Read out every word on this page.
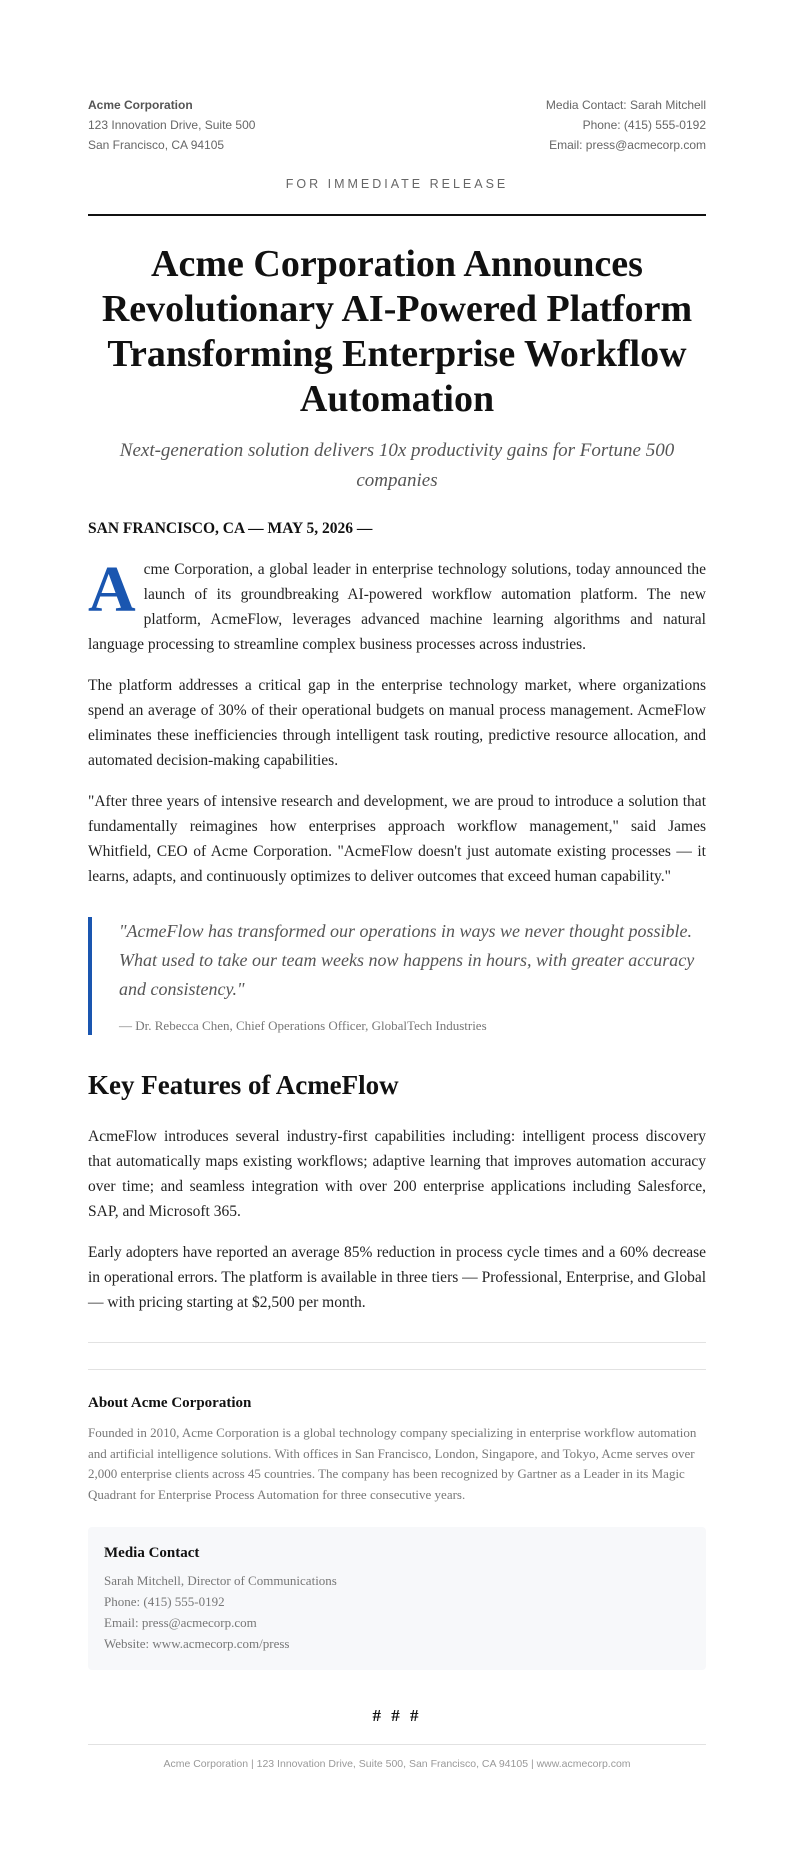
Acme Corporation
123 Innovation Drive, Suite 500
San Francisco, CA 94105
Media Contact: Sarah Mitchell
Phone: (415) 555-0192
Email: press@acmecorp.com
FOR IMMEDIATE RELEASE
Acme Corporation Announces Revolutionary AI-Powered Platform Transforming Enterprise Workflow Automation
Next-generation solution delivers 10x productivity gains for Fortune 500 companies
SAN FRANCISCO, CA — MAY 5, 2026 —

Acme Corporation, a global leader in enterprise technology solutions, today announced the launch of its groundbreaking AI-powered workflow automation platform. The new platform, AcmeFlow, leverages advanced machine learning algorithms and natural language processing to streamline complex business processes across industries.

The platform addresses a critical gap in the enterprise technology market, where organizations spend an average of 30% of their operational budgets on manual process management. AcmeFlow eliminates these inefficiencies through intelligent task routing, predictive resource allocation, and automated decision-making capabilities.

"After three years of intensive research and development, we are proud to introduce a solution that fundamentally reimagines how enterprises approach workflow management," said James Whitfield, CEO of Acme Corporation. "AcmeFlow doesn't just automate existing processes — it learns, adapts, and continuously optimizes to deliver outcomes that exceed human capability."

"AcmeFlow has transformed our operations in ways we never thought possible. What used to take our team weeks now happens in hours, with greater accuracy and consistency."
— Dr. Rebecca Chen, Chief Operations Officer, GlobalTech Industries
Key Features of AcmeFlow

AcmeFlow introduces several industry-first capabilities including: intelligent process discovery that automatically maps existing workflows; adaptive learning that improves automation accuracy over time; and seamless integration with over 200 enterprise applications including Salesforce, SAP, and Microsoft 365.

Early adopters have reported an average 85% reduction in process cycle times and a 60% decrease in operational errors. The platform is available in three tiers — Professional, Enterprise, and Global — with pricing starting at $2,500 per month.

About Acme Corporation
Founded in 2010, Acme Corporation is a global technology company specializing in enterprise workflow automation and artificial intelligence solutions. With offices in San Francisco, London, Singapore, and Tokyo, Acme serves over 2,000 enterprise clients across 45 countries. The company has been recognized by Gartner as a Leader in its Magic Quadrant for Enterprise Process Automation for three consecutive years.
Media Contact
Sarah Mitchell, Director of Communications
Phone: (415) 555-0192
Email: press@acmecorp.com
Website: www.acmecorp.com/press
# # #
Acme Corporation | 123 Innovation Drive, Suite 500, San Francisco, CA 94105 | www.acmecorp.com
